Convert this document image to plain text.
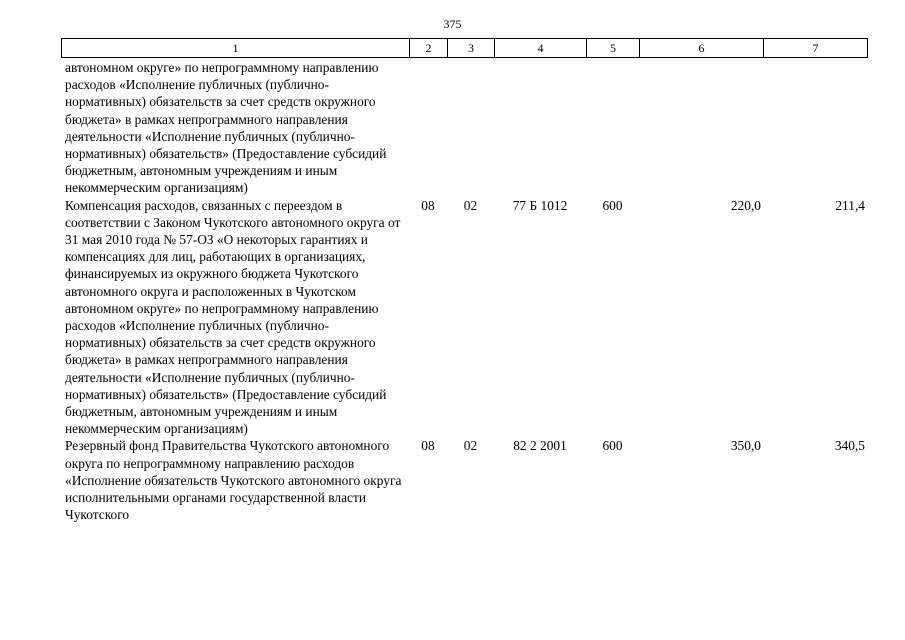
375
1	2	3	4	5	6	7
автономном округе» по непрограммному направлению расходов «Исполнение публичных (публично-нормативных) обязательств за счет средств окружного бюджета» в рамках непрограммного направления деятельности «Исполнение публичных (публично-нормативных) обязательств» (Предоставление субсидий бюджетным, автономным учреждениям и иным некоммерческим организациям)						
Компенсация расходов, связанных с переездом в соответствии с Законом Чукотского автономного округа от 31 мая 2010 года № 57-ОЗ «О некоторых гарантиях и компенсациях для лиц, работающих в организациях, финансируемых из окружного бюджета Чукотского автономного округа и расположенных в Чукотском автономном округе» по непрограммному направлению расходов «Исполнение публичных (публично-нормативных) обязательств за счет средств окружного бюджета» в рамках непрограммного направления деятельности «Исполнение публичных (публично-нормативных) обязательств» (Предоставление субсидий бюджетным, автономным учреждениям и иным некоммерческим организациям)	08	02	77 Б 1012	600	220,0	211,4
Резервный фонд Правительства Чукотского автономного округа по непрограммному направлению расходов «Исполнение обязательств Чукотского автономного округа исполнительными органами государственной власти Чукотского	08	02	82 2 2001	600	350,0	340,5
